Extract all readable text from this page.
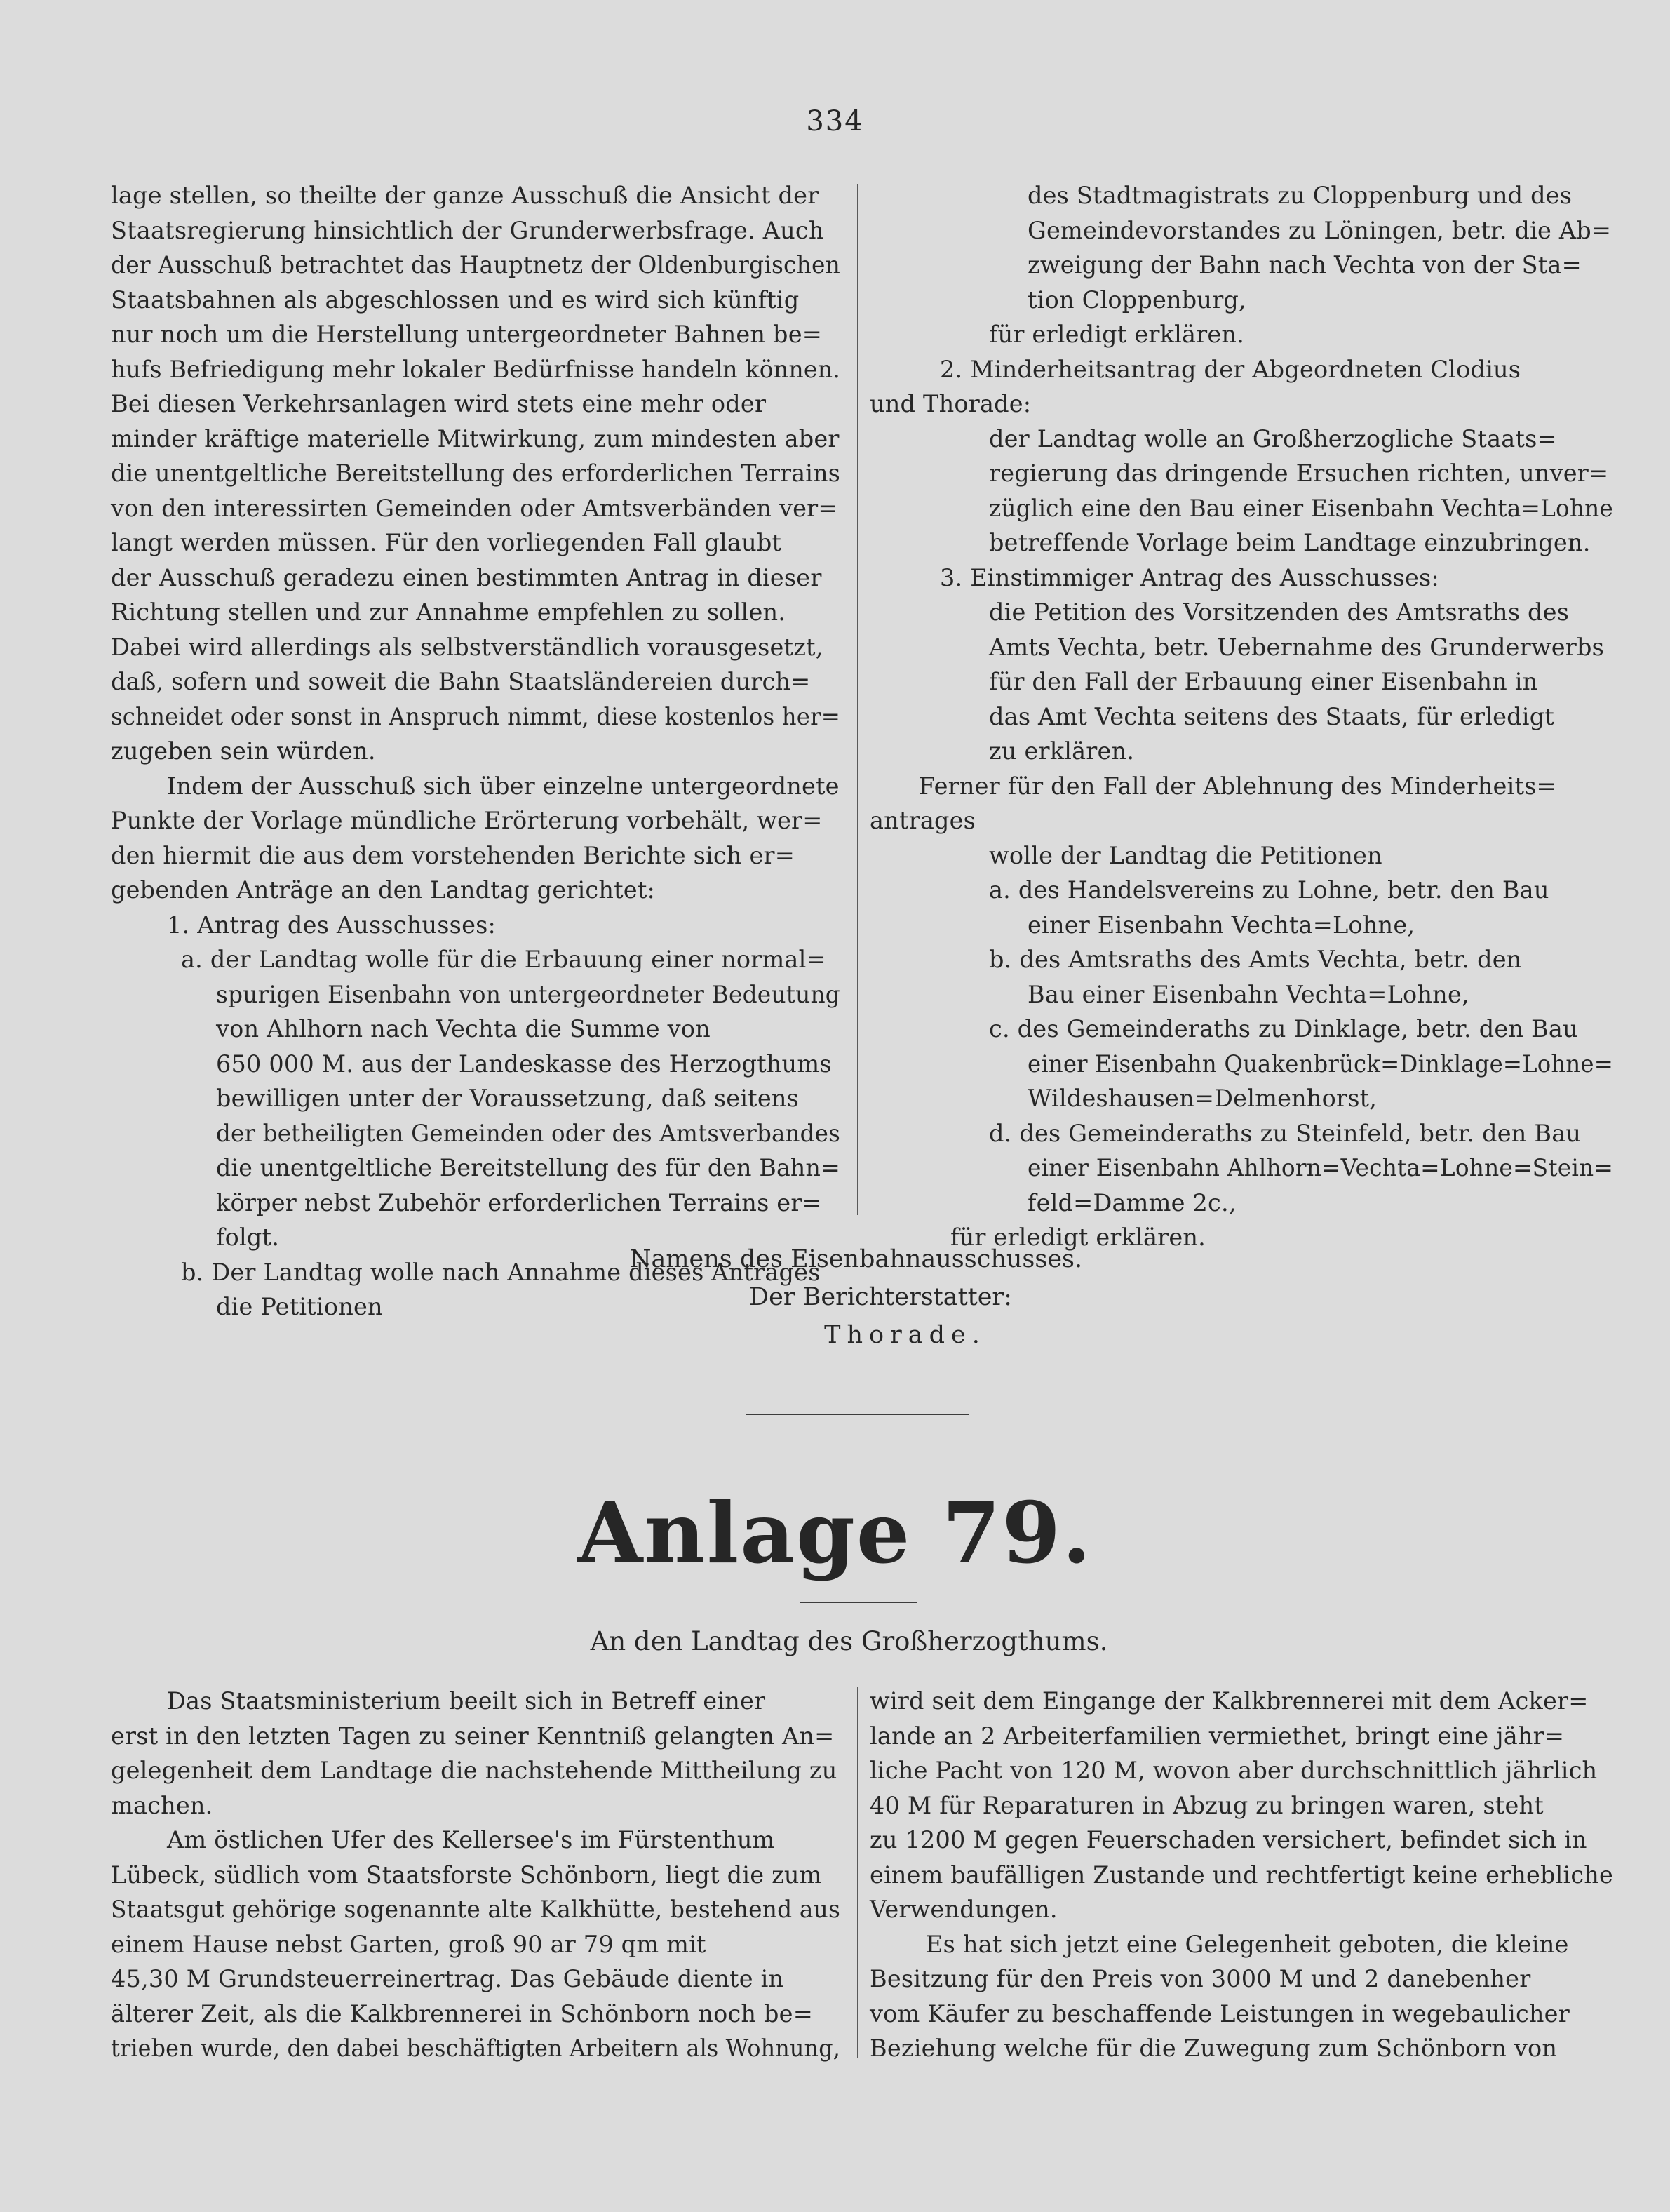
334
lage stellen, so theilte der ganze Ausschuß die Ansicht der
Staatsregierung hinsichtlich der Grunderwerbsfrage. Auch
der Ausschuß betrachtet das Hauptnetz der Oldenburgischen
Staatsbahnen als abgeschlossen und es wird sich künftig
nur noch um die Herstellung untergeordneter Bahnen be=
hufs Befriedigung mehr lokaler Bedürfnisse handeln können.
Bei diesen Verkehrsanlagen wird stets eine mehr oder
minder kräftige materielle Mitwirkung, zum mindesten aber
die unentgeltliche Bereitstellung des erforderlichen Terrains
von den interessirten Gemeinden oder Amtsverbänden ver=
langt werden müssen. Für den vorliegenden Fall glaubt
der Ausschuß geradezu einen bestimmten Antrag in dieser
Richtung stellen und zur Annahme empfehlen zu sollen.
Dabei wird allerdings als selbstverständlich vorausgesetzt,
daß, sofern und soweit die Bahn Staatsländereien durch=
schneidet oder sonst in Anspruch nimmt, diese kostenlos her=
zugeben sein würden.
Indem der Ausschuß sich über einzelne untergeordnete
Punkte der Vorlage mündliche Erörterung vorbehält, wer=
den hiermit die aus dem vorstehenden Berichte sich er=
gebenden Anträge an den Landtag gerichtet:
1. Antrag des Ausschusses:
a. der Landtag wolle für die Erbauung einer normal=
spurigen Eisenbahn von untergeordneter Bedeutung
von Ahlhorn nach Vechta die Summe von
650 000 M. aus der Landeskasse des Herzogthums
bewilligen unter der Voraussetzung, daß seitens
der betheiligten Gemeinden oder des Amtsverbandes
die unentgeltliche Bereitstellung des für den Bahn=
körper nebst Zubehör erforderlichen Terrains er=
folgt.
b. Der Landtag wolle nach Annahme dieses Antrages
die Petitionen
des Stadtmagistrats zu Cloppenburg und des
Gemeindevorstandes zu Löningen, betr. die Ab=
zweigung der Bahn nach Vechta von der Sta=
tion Cloppenburg,
für erledigt erklären.
2. Minderheitsantrag der Abgeordneten Clodius
und Thorade:
der Landtag wolle an Großherzogliche Staats=
regierung das dringende Ersuchen richten, unver=
züglich eine den Bau einer Eisenbahn Vechta=Lohne
betreffende Vorlage beim Landtage einzubringen.
3. Einstimmiger Antrag des Ausschusses:
die Petition des Vorsitzenden des Amtsraths des
Amts Vechta, betr. Uebernahme des Grunderwerbs
für den Fall der Erbauung einer Eisenbahn in
das Amt Vechta seitens des Staats, für erledigt
zu erklären.
Ferner für den Fall der Ablehnung des Minderheits=
antrages
wolle der Landtag die Petitionen
a. des Handelsvereins zu Lohne, betr. den Bau
einer Eisenbahn Vechta=Lohne,
b. des Amtsraths des Amts Vechta, betr. den
Bau einer Eisenbahn Vechta=Lohne,
c. des Gemeinderaths zu Dinklage, betr. den Bau
einer Eisenbahn Quakenbrück=Dinklage=Lohne=
Wildeshausen=Delmenhorst,
d. des Gemeinderaths zu Steinfeld, betr. den Bau
einer Eisenbahn Ahlhorn=Vechta=Lohne=Stein=
feld=Damme 2c.,
für erledigt erklären.
Namens des Eisenbahnausschusses.
Der Berichterstatter:
Thorade.
Anlage 79.
An den Landtag des Großherzogthums.
Das Staatsministerium beeilt sich in Betreff einer
erst in den letzten Tagen zu seiner Kenntniß gelangten An=
gelegenheit dem Landtage die nachstehende Mittheilung zu
machen.
Am östlichen Ufer des Kellersee's im Fürstenthum
Lübeck, südlich vom Staatsforste Schönborn, liegt die zum
Staatsgut gehörige sogenannte alte Kalkhütte, bestehend aus
einem Hause nebst Garten, groß 90 ar 79 qm mit
45,30 M Grundsteuerreinertrag. Das Gebäude diente in
älterer Zeit, als die Kalkbrennerei in Schönborn noch be=
trieben wurde, den dabei beschäftigten Arbeitern als Wohnung,
wird seit dem Eingange der Kalkbrennerei mit dem Acker=
lande an 2 Arbeiterfamilien vermiethet, bringt eine jähr=
liche Pacht von 120 M, wovon aber durchschnittlich jährlich
40 M für Reparaturen in Abzug zu bringen waren, steht
zu 1200 M gegen Feuerschaden versichert, befindet sich in
einem baufälligen Zustande und rechtfertigt keine erhebliche
Verwendungen.
Es hat sich jetzt eine Gelegenheit geboten, die kleine
Besitzung für den Preis von 3000 M und 2 danebenher
vom Käufer zu beschaffende Leistungen in wegebaulicher
Beziehung welche für die Zuwegung zum Schönborn von
